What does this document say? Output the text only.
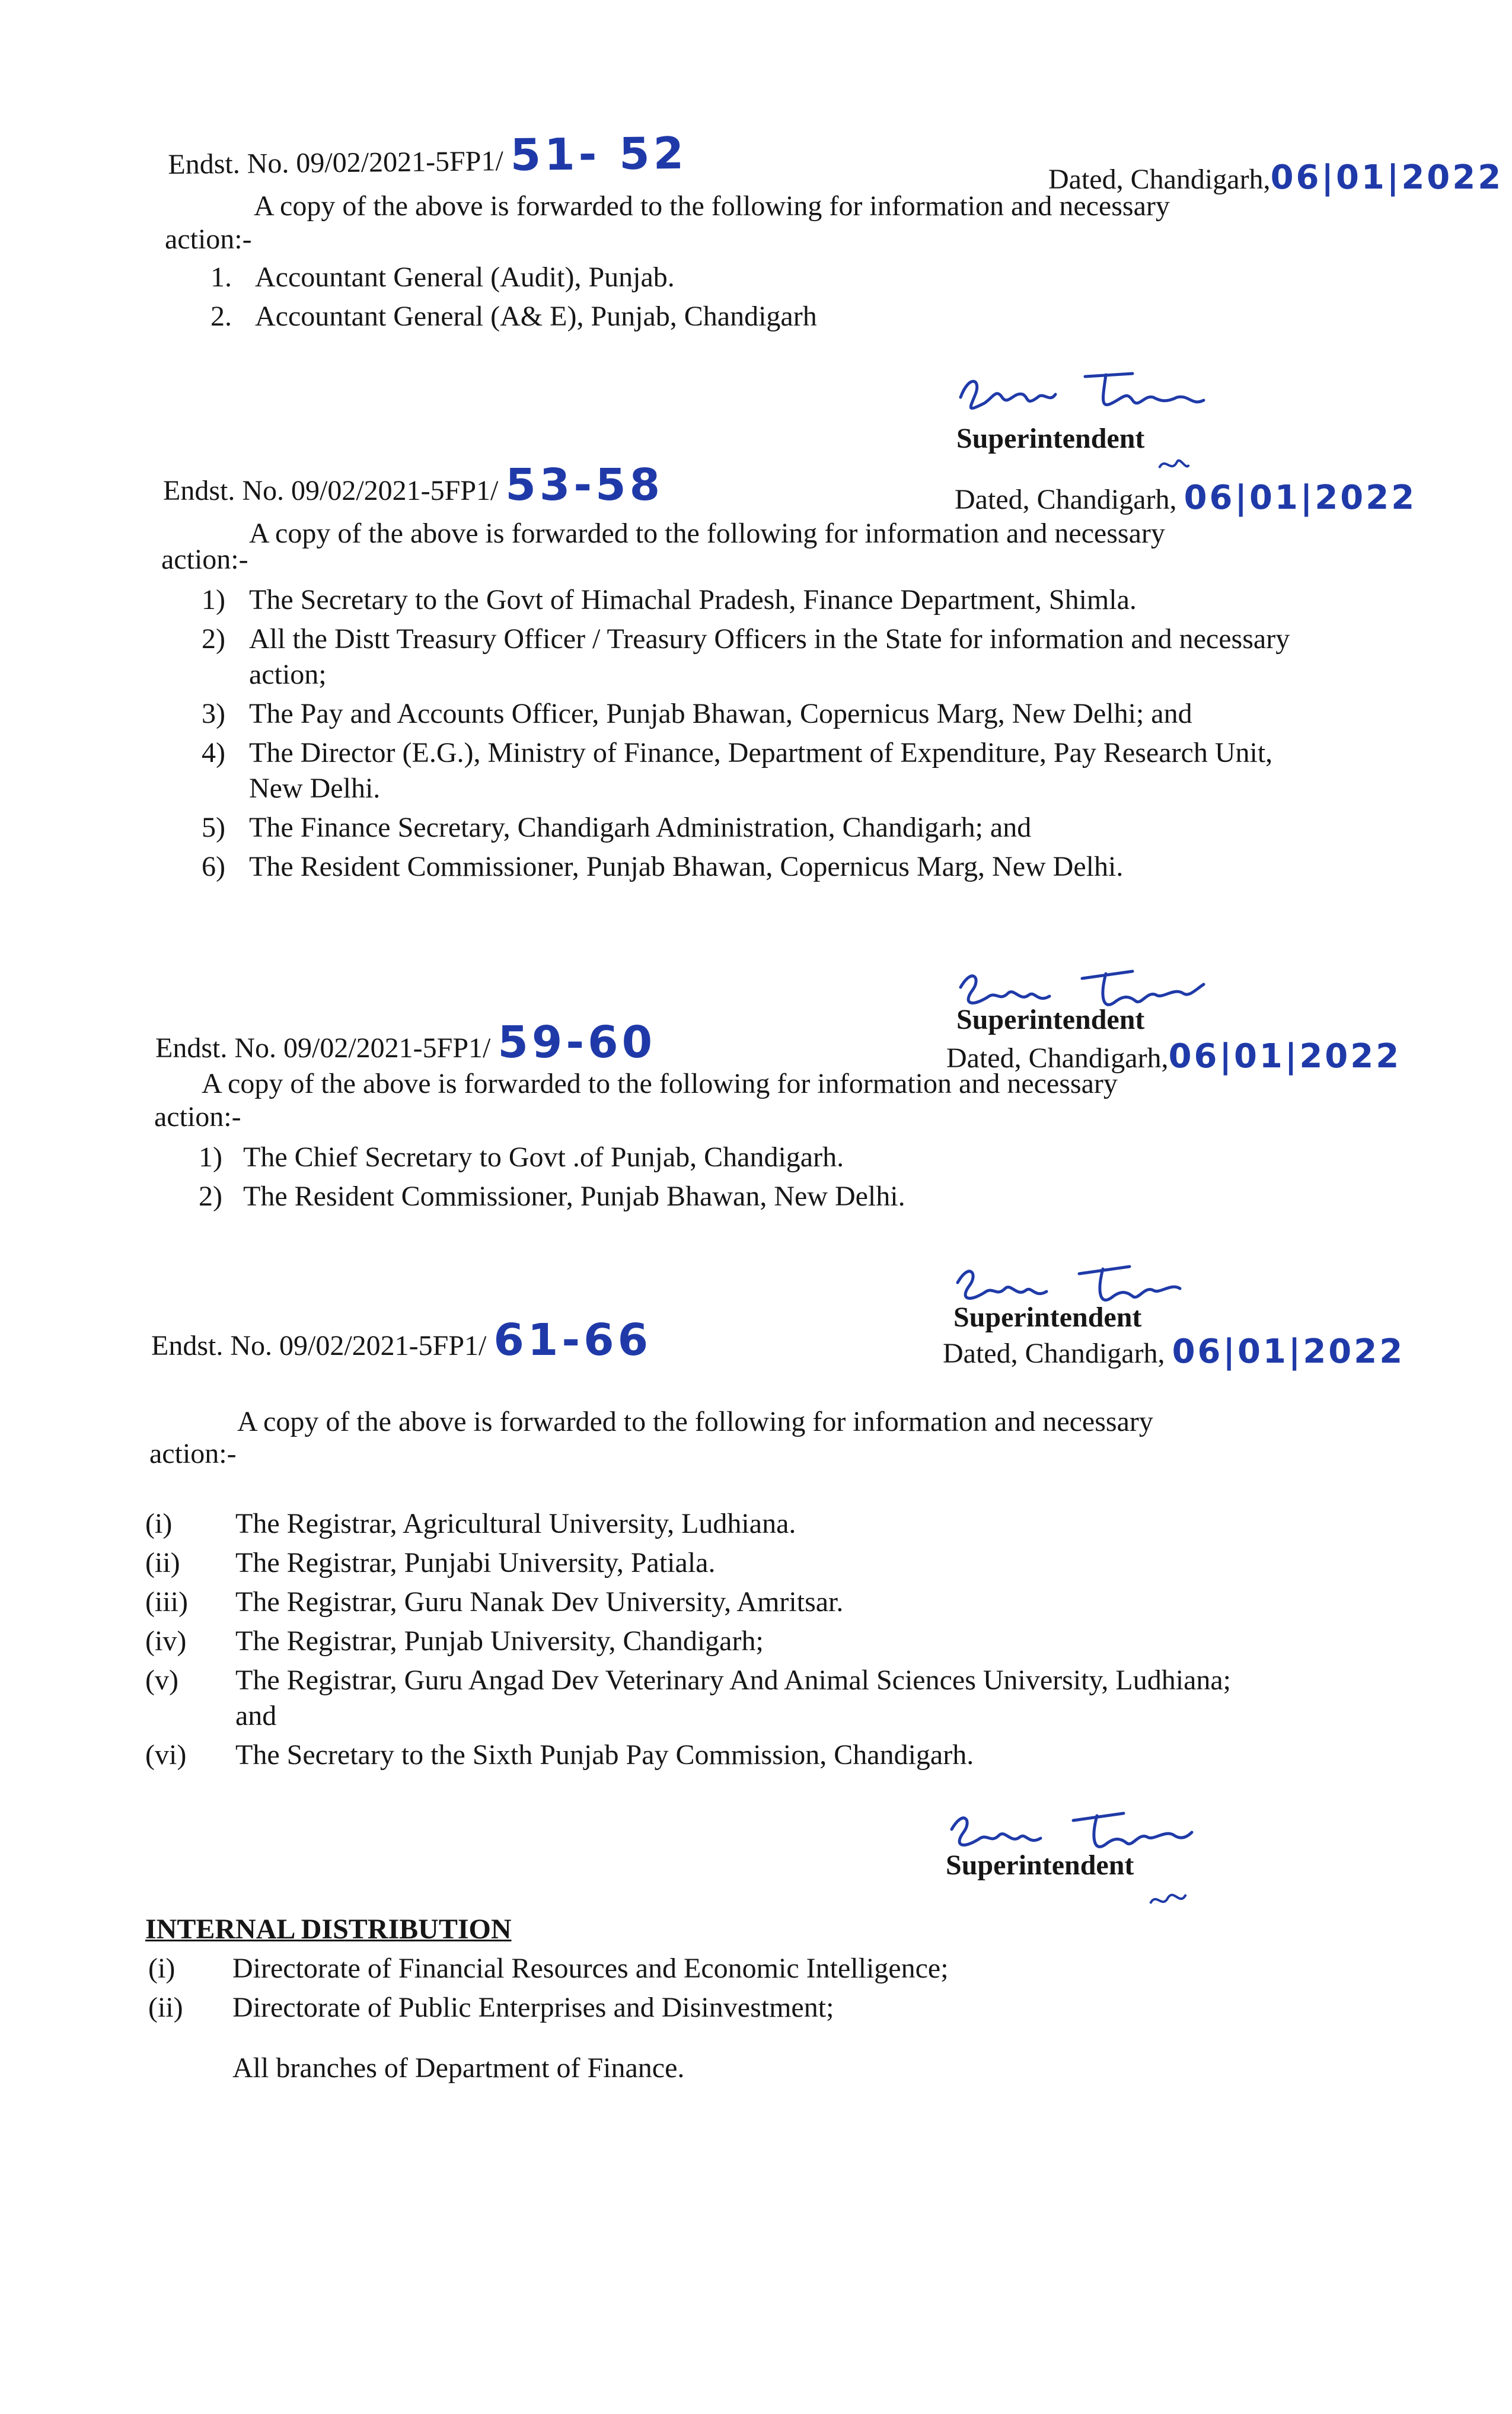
Endst. No. 09/02/2021-5FP1/ 51- 52	Dated, Chandigarh,06|01|2022
A copy of the above is forwarded to the following for information and necessary
action:-
1. Accountant General (Audit), Punjab.
2. Accountant General (A& E), Punjab, Chandigarh
Superintendent
Endst. No. 09/02/2021-5FP1/ 53-58	Dated, Chandigarh, 06|01|2022
A copy of the above is forwarded to the following for information and necessary
action:-
1) The Secretary to the Govt of Himachal Pradesh, Finance Department, Shimla.
2) All the Distt Treasury Officer / Treasury Officers in the State for information and necessary action;
3) The Pay and Accounts Officer, Punjab Bhawan, Copernicus Marg, New Delhi; and
4) The Director (E.G.), Ministry of Finance, Department of Expenditure, Pay Research Unit, New Delhi.
5) The Finance Secretary, Chandigarh Administration, Chandigarh; and
6) The Resident Commissioner, Punjab Bhawan, Copernicus Marg, New Delhi.
Superintendent
Endst. No. 09/02/2021-5FP1/ 59-60	Dated, Chandigarh,06|01|2022
A copy of the above is forwarded to the following for information and necessary
action:-
1) The Chief Secretary to Govt .of Punjab, Chandigarh.
2) The Resident Commissioner, Punjab Bhawan, New Delhi.
Superintendent
Endst. No. 09/02/2021-5FP1/ 61-66	Dated, Chandigarh, 06|01|2022
A copy of the above is forwarded to the following for information and necessary
action:-
(i)	The Registrar, Agricultural University, Ludhiana.
(ii)	The Registrar, Punjabi University, Patiala.
(iii)	The Registrar, Guru Nanak Dev University, Amritsar.
(iv)	The Registrar, Punjab University, Chandigarh;
(v)	The Registrar, Guru Angad Dev Veterinary And Animal Sciences University, Ludhiana; and
(vi)	The Secretary to the Sixth Punjab Pay Commission, Chandigarh.
Superintendent
INTERNAL DISTRIBUTION
(i)	Directorate of Financial Resources and Economic Intelligence;
(ii)	Directorate of Public Enterprises and Disinvestment;
All branches of Department of Finance.
